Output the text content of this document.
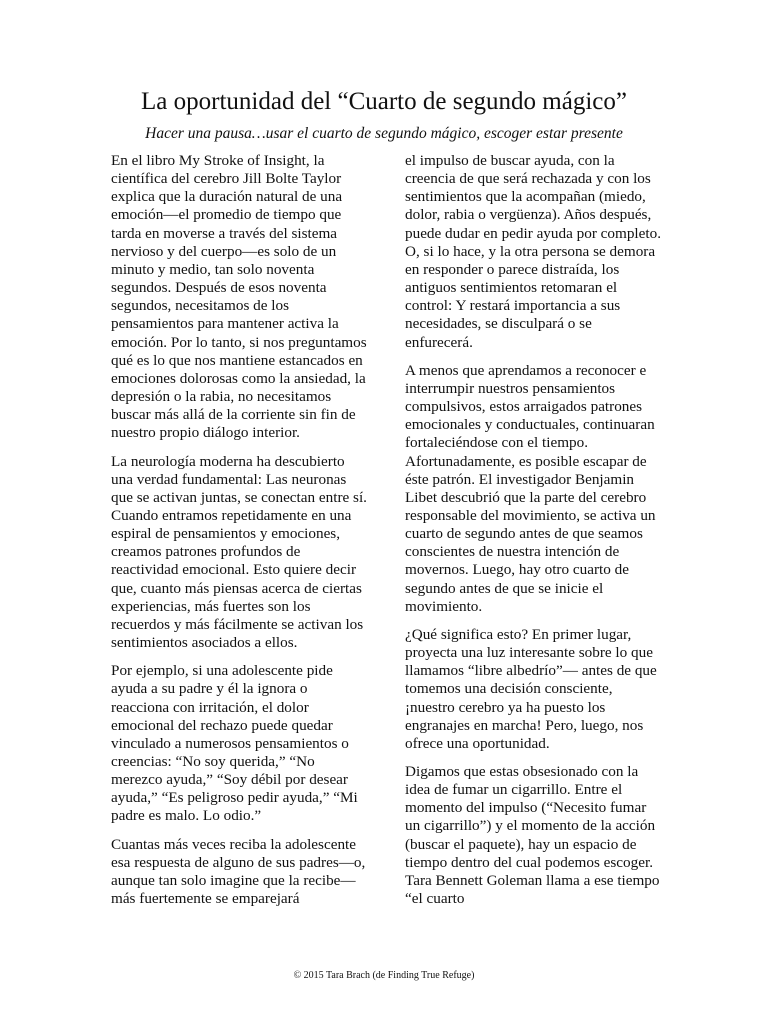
La oportunidad del “Cuarto de segundo mágico”

Hacer una pausa…usar el cuarto de segundo mágico, escoger estar presente

En el libro My Stroke of Insight, la científica del cerebro Jill Bolte Taylor explica que la duración natural de una emoción—el promedio de tiempo que tarda en moverse a través del sistema nervioso y del cuerpo—es solo de un minuto y medio, tan solo noventa segundos. Después de esos noventa segundos, necesitamos de los pensamientos para mantener activa la emoción. Por lo tanto, si nos preguntamos qué es lo que nos mantiene estancados en emociones dolorosas como la ansiedad, la depresión o la rabia, no necesitamos buscar más allá de la corriente sin fin de nuestro propio diálogo interior.

La neurología moderna ha descubierto una verdad fundamental: Las neuronas que se activan juntas, se conectan entre sí. Cuando entramos repetidamente en una espiral de pensamientos y emociones, creamos patrones profundos de reactividad emocional. Esto quiere decir que, cuanto más piensas acerca de ciertas experiencias, más fuertes son los recuerdos y más fácilmente se activan los sentimientos asociados a ellos.

Por ejemplo, si una adolescente pide ayuda a su padre y él la ignora o reacciona con irritación, el dolor emocional del rechazo puede quedar vinculado a numerosos pensamientos o creencias: “No soy querida,” “No merezco ayuda,” “Soy débil por desear ayuda,” “Es peligroso pedir ayuda,” “Mi padre es malo. Lo odio.”

Cuantas más veces reciba la adolescente esa respuesta de alguno de sus padres—o, aunque tan solo imagine que la recibe—más fuertemente se emparejará

el impulso de buscar ayuda, con la creencia de que será rechazada y con los sentimientos que la acompañan (miedo, dolor, rabia o vergüenza). Años después, puede dudar en pedir ayuda por completo. O, si lo hace, y la otra persona se demora en responder o parece distraída, los antiguos sentimientos retomaran el control: Y restará importancia a sus necesidades, se disculpará o se enfurecerá.

A menos que aprendamos a reconocer e interrumpir nuestros pensamientos compulsivos, estos arraigados patrones emocionales y conductuales, continuaran fortaleciéndose con el tiempo. Afortunadamente, es posible escapar de éste patrón. El investigador Benjamin Libet descubrió que la parte del cerebro responsable del movimiento, se activa un cuarto de segundo antes de que seamos conscientes de nuestra intención de movernos. Luego, hay otro cuarto de segundo antes de que se inicie el movimiento.

¿Qué significa esto? En primer lugar, proyecta una luz interesante sobre lo que llamamos “libre albedrío”— antes de que tomemos una decisión consciente, ¡nuestro cerebro ya ha puesto los engranajes en marcha! Pero, luego, nos ofrece una oportunidad.

Digamos que estas obsesionado con la idea de fumar un cigarrillo. Entre el momento del impulso (“Necesito fumar un cigarrillo”) y el momento de la acción (buscar el paquete), hay un espacio de tiempo dentro del cual podemos escoger. Tara Bennett Goleman llama a ese tiempo “el cuarto

© 2015 Tara Brach (de Finding True Refuge)
